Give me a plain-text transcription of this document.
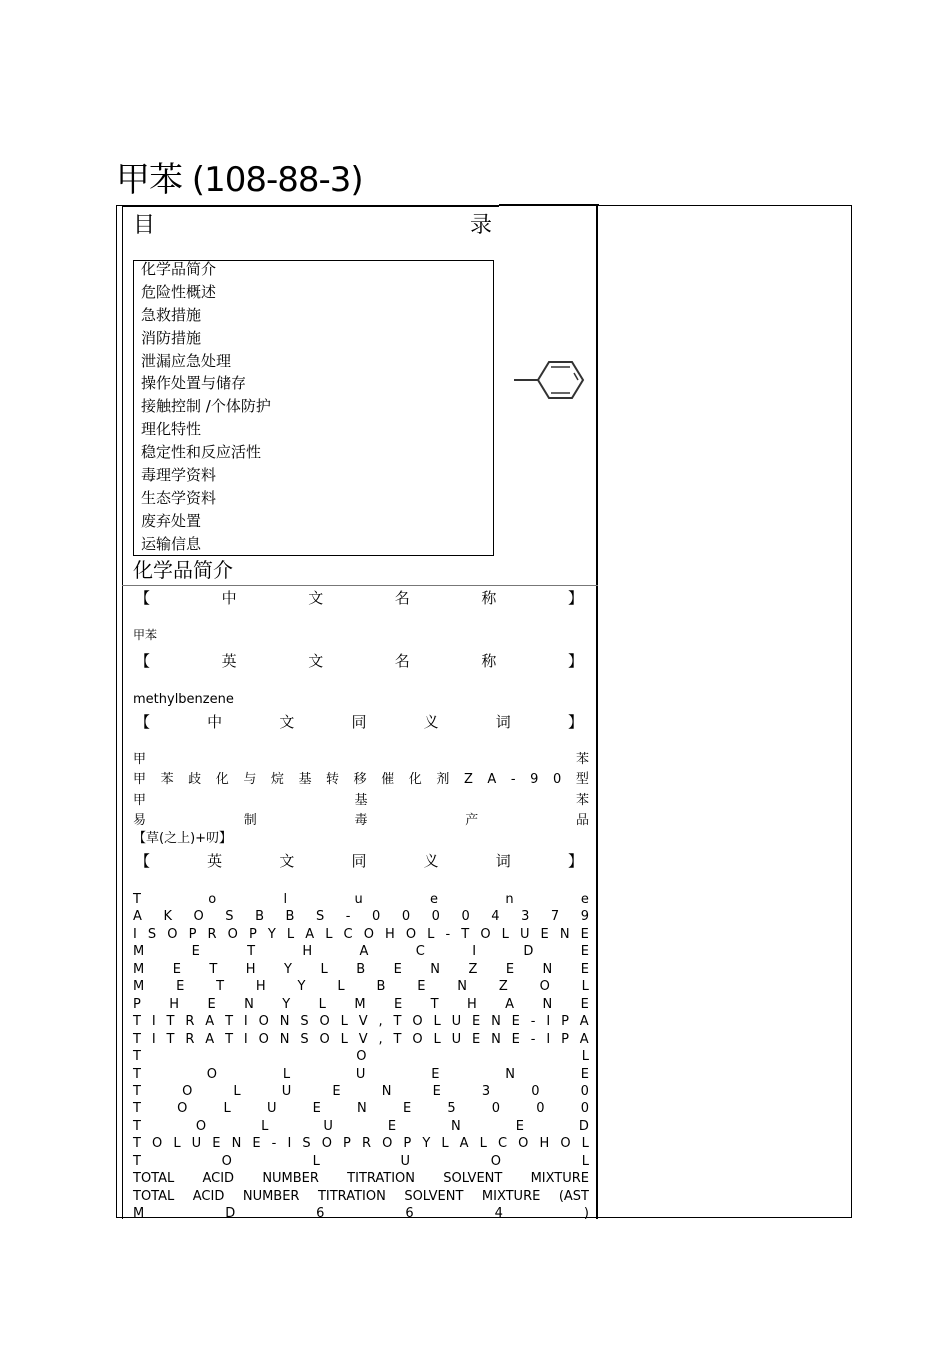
甲苯 (108-88-3)
目	录
化学品简介
危险性概述
急救措施
消防措施
泄漏应急处理
操作处置与储存
接触控制 /个体防护
理化特性
稳定性和反应活性
毒理学资料
生态学资料
废弃处置
运输信息
化学品简介
【	中	文	名	称	】
甲苯
【	英	文	名	称	】
methylbenzene
【	中	文	同	义	词	】
甲	苯
甲 苯 歧 化 与 烷 基 转 移 催 化 剂 Z A - 9 0 型
甲	基	苯
易	制	毒	产	品
【草(之上)+叨】
【	英	文	同	义	词	】
T	o	l	u	e	n	e
A K O S B B S - 0 0 0 0 4 3 7 9
I S O P R O P Y L A L C O H O L - T O L U E N E
M	E	T	H	A	C	I	D	E
M E T H Y L B E N Z E N E
M E T H Y L B E N Z O L
P H E N Y L M E T H A N E
T I T R A T I O N S O L V , T O L U E N E - I P A
T I T R A T I O N S O L V , T O L U E N E - I P A
T	O	L
T	O	L	U	E	N	E
T	O	L	U	E	N	E	3	0	0
T	O	L	U	E	N	E	5	0	0	0
T	O	L	U	E	N	E	D
T O L U E N E - I S O P R O P Y L A L C O H O L
T	O	L	U	O	L
TOTAL ACID NUMBER TITRATION SOLVENT MIXTURE
TOTAL ACID NUMBER TITRATION SOLVENT MIXTURE (AST
M	D	6	6	4	)
